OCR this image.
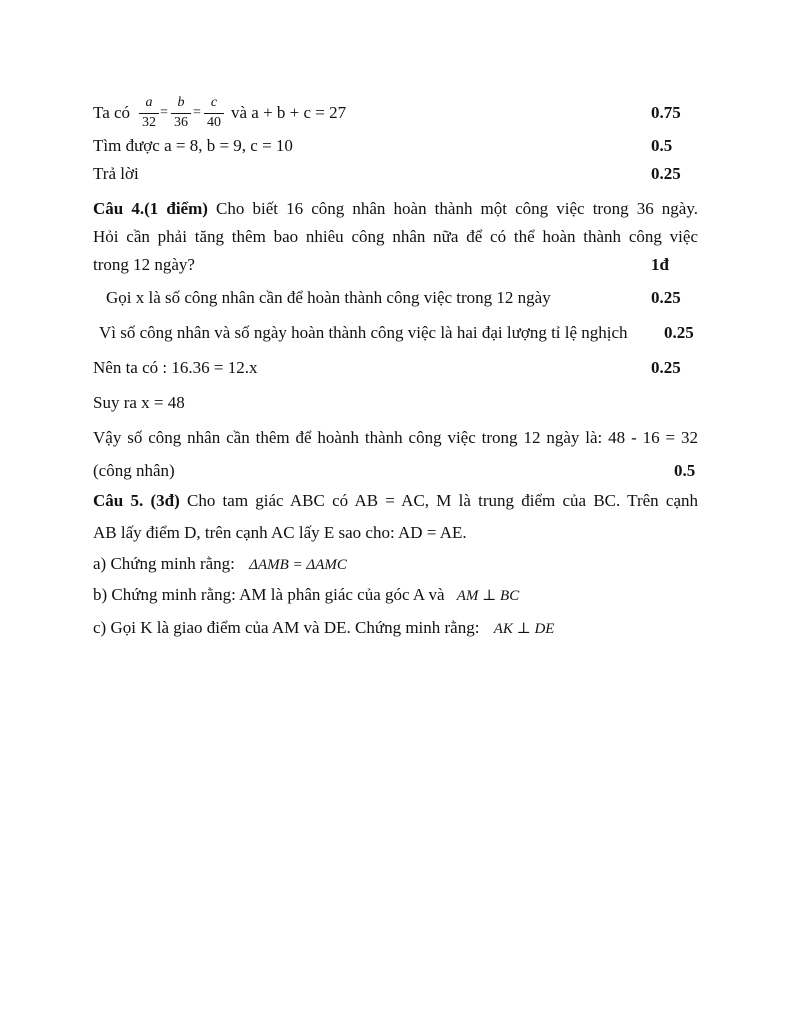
Ta có
a
32
=
b
36
=
c
40
và a + b + c = 27	0.75
Tìm được a = 8, b = 9, c = 10	0.5
Trả lời	0.25
Câu 4.(1 điểm) Cho biết 16 công nhân hoàn thành một công việc trong 36 ngày.
Hỏi cần phải tăng thêm bao nhiêu công nhân nữa để có thể hoàn thành công việc
trong 12 ngày?	1đ
Gọi x là số công nhân cần để hoàn thành công việc trong 12 ngày	0.25
Vì số công nhân và số ngày hoàn thành công việc là hai đại lượng tỉ lệ nghịch 0.25
Nên ta có : 16.36 = 12.x	0.25
Suy ra x = 48
Vậy số công nhân cần thêm để hoành thành công việc trong 12 ngày là: 48 - 16 = 32
(công nhân)	0.5
Câu 5. (3đ) Cho tam giác ABC có AB = AC, M là trung điểm của BC. Trên cạnh
AB lấy điểm D, trên cạnh AC lấy E sao cho: AD = AE.
a) Chứng minh rằng: ΔAMB = ΔAMC
b) Chứng minh rằng: AM là phân giác của góc A và AM ⊥ BC
c) Gọi K là giao điểm của AM và DE. Chứng minh rằng: AK ⊥ DE
